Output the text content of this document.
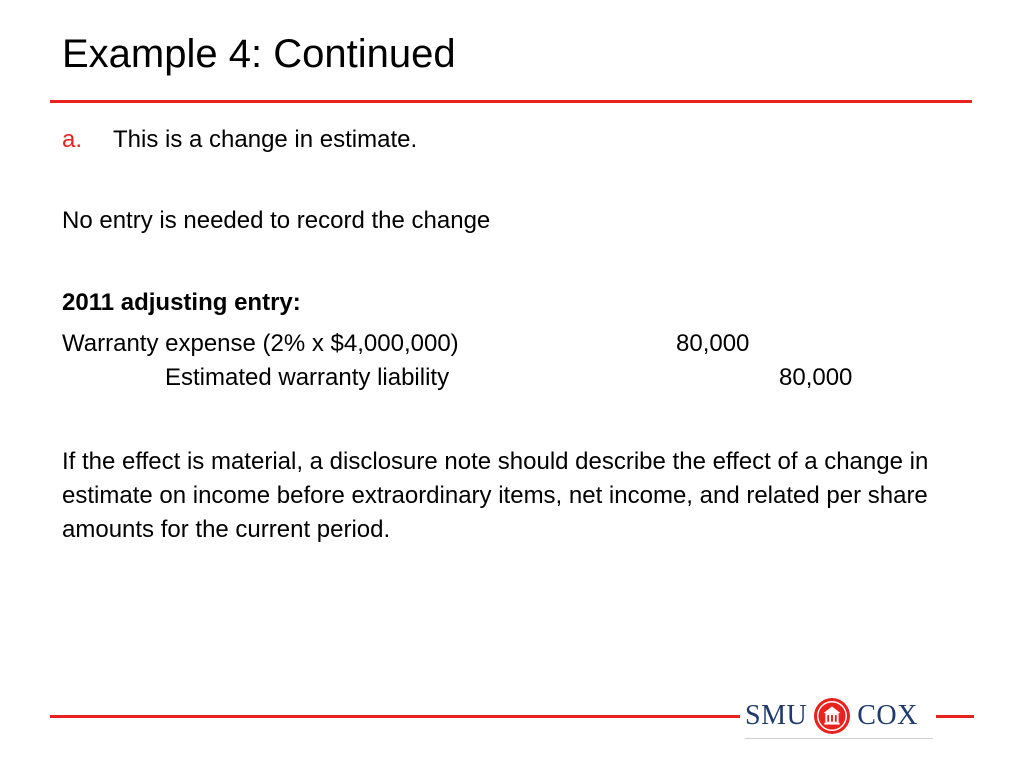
Example 4: Continued
a. This is a change in estimate.
No entry is needed to record the change
2011 adjusting entry:
Warranty expense (2% x $4,000,000)	80,000
Estimated warranty liability	80,000
If the effect is material, a disclosure note should describe the effect of a change in estimate on income before extraordinary items, net income, and related per share amounts for the current period.
SMU COX
